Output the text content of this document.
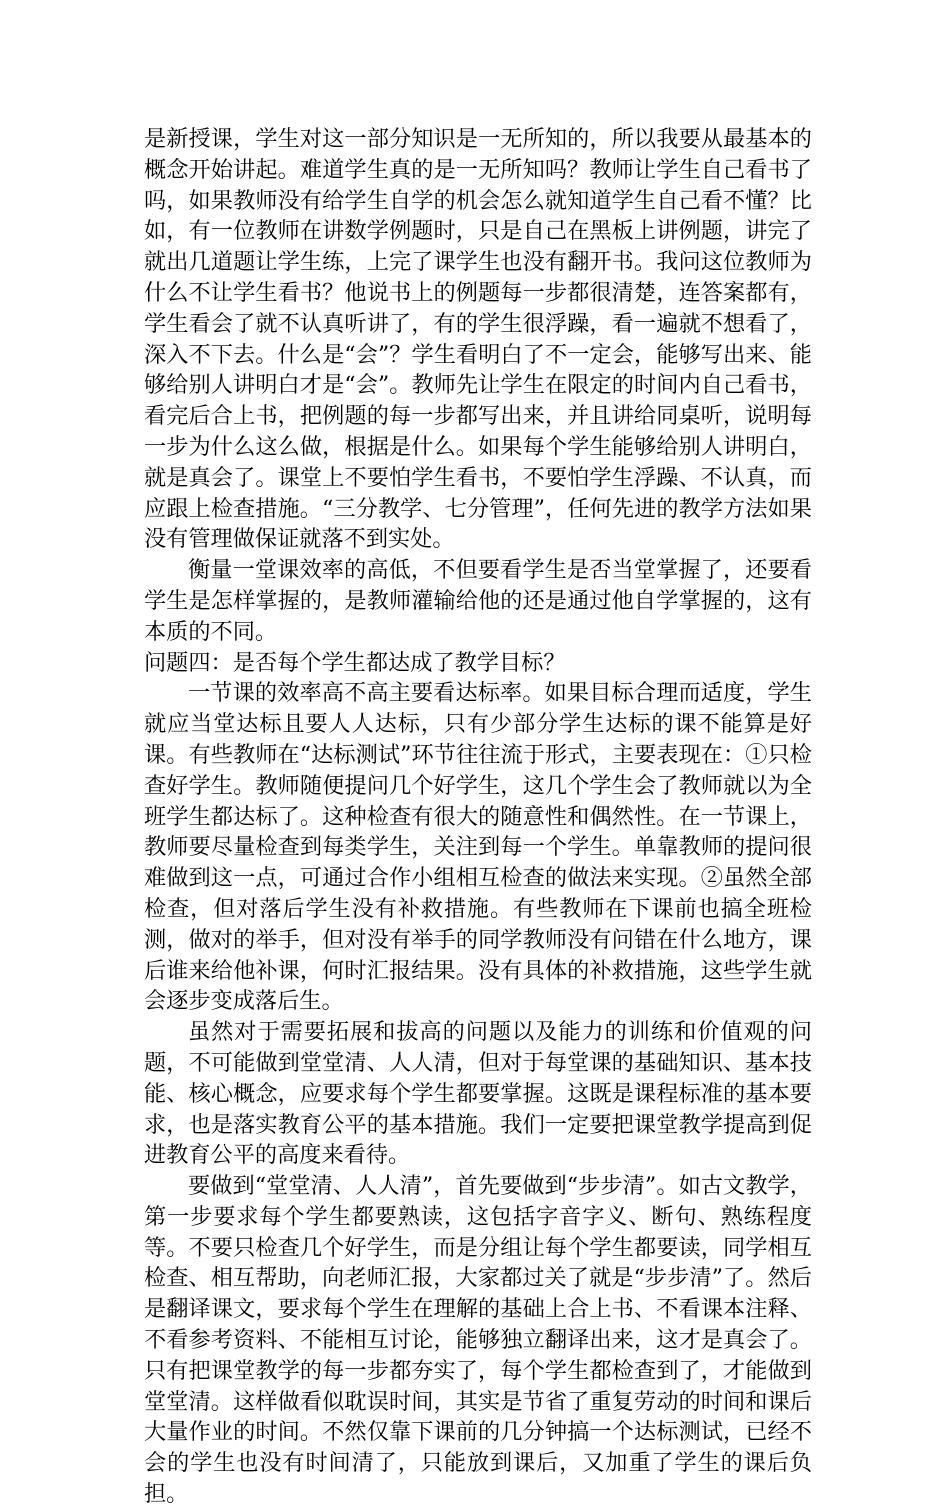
是新授课，学生对这一部分知识是一无所知的，所以我要从最基本的概念开始讲起。难道学生真的是一无所知吗？教师让学生自己看书了吗，如果教师没有给学生自学的机会怎么就知道学生自己看不懂？比如，有一位教师在讲数学例题时，只是自己在黑板上讲例题，讲完了就出几道题让学生练，上完了课学生也没有翻开书。我问这位教师为什么不让学生看书？他说书上的例题每一步都很清楚，连答案都有，学生看会了就不认真听讲了，有的学生很浮躁，看一遍就不想看了，深入不下去。什么是“会”？学生看明白了不一定会，能够写出来、能够给别人讲明白才是“会”。教师先让学生在限定的时间内自己看书，看完后合上书，把例题的每一步都写出来，并且讲给同桌听，说明每一步为什么这么做，根据是什么。如果每个学生能够给别人讲明白，就是真会了。课堂上不要怕学生看书，不要怕学生浮躁、不认真，而应跟上检查措施。“三分教学、七分管理”，任何先进的教学方法如果没有管理做保证就落不到实处。

衡量一堂课效率的高低，不但要看学生是否当堂掌握了，还要看学生是怎样掌握的，是教师灌输给他的还是通过他自学掌握的，这有本质的不同。

问题四：是否每个学生都达成了教学目标？

一节课的效率高不高主要看达标率。如果目标合理而适度，学生就应当堂达标且要人人达标，只有少部分学生达标的课不能算是好课。有些教师在“达标测试”环节往往流于形式，主要表现在：①只检查好学生。教师随便提问几个好学生，这几个学生会了教师就以为全班学生都达标了。这种检查有很大的随意性和偶然性。在一节课上，教师要尽量检查到每类学生，关注到每一个学生。单靠教师的提问很难做到这一点，可通过合作小组相互检查的做法来实现。②虽然全部检查，但对落后学生没有补救措施。有些教师在下课前也搞全班检测，做对的举手，但对没有举手的同学教师没有问错在什么地方，课后谁来给他补课，何时汇报结果。没有具体的补救措施，这些学生就会逐步变成落后生。

虽然对于需要拓展和拔高的问题以及能力的训练和价值观的问题，不可能做到堂堂清、人人清，但对于每堂课的基础知识、基本技能、核心概念，应要求每个学生都要掌握。这既是课程标准的基本要求，也是落实教育公平的基本措施。我们一定要把课堂教学提高到促进教育公平的高度来看待。

要做到“堂堂清、人人清”，首先要做到“步步清”。如古文教学，第一步要求每个学生都要熟读，这包括字音字义、断句、熟练程度等。不要只检查几个好学生，而是分组让每个学生都要读，同学相互检查、相互帮助，向老师汇报，大家都过关了就是“步步清”了。然后是翻译课文，要求每个学生在理解的基础上合上书、不看课本注释、不看参考资料、不能相互讨论，能够独立翻译出来，这才是真会了。只有把课堂教学的每一步都夯实了，每个学生都检查到了，才能做到堂堂清。这样做看似耽误时间，其实是节省了重复劳动的时间和课后大量作业的时间。不然仅靠下课前的几分钟搞一个达标测试，已经不会的学生也没有时间清了，只能放到课后，又加重了学生的课后负担。
